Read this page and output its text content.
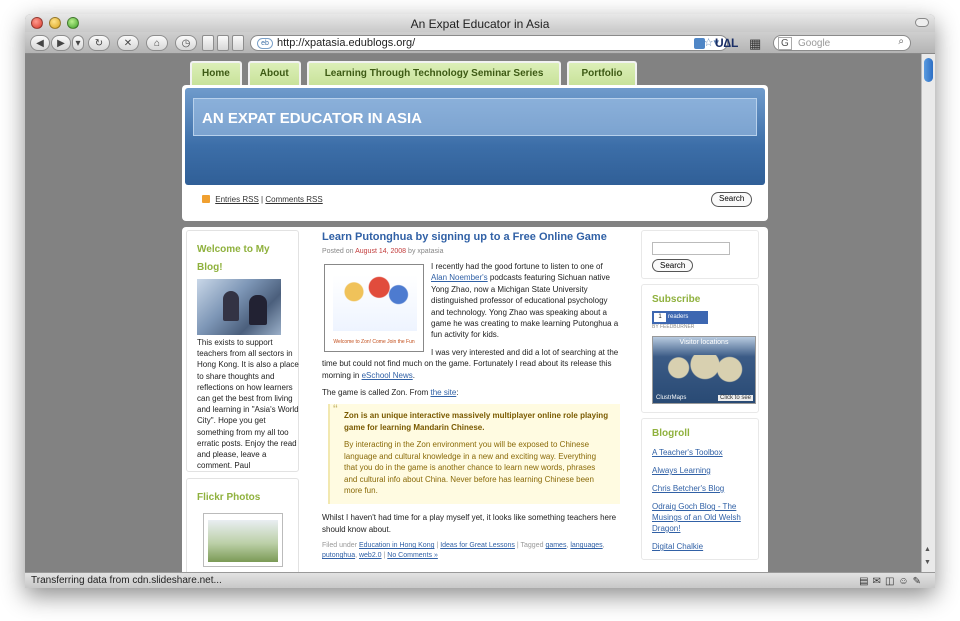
An Expat Educator in Asia
◀ ▶ ▾ ↻ ✕ ⌂ ◷	eb http://xpatasia.edublogs.org/	☆▾
U∆L ▦	G Google	⌕
Home	About	Learning Through Technology Seminar Series	Portfolio
AN EXPAT EDUCATOR IN ASIA
Entries RSS | Comments RSS	Search
Welcome to My Blog!

This exists to support teachers from all sectors in Hong Kong. It is also a place to share thoughts and reflections on how learners can get the best from living and learning in "Asia's World City". Hope you get something from my all too erratic posts. Enjoy the read and please, leave a comment. Paul

Flickr Photos
Learn Putonghua by signing up to a Free Online Game
Posted on August 14, 2008 by xpatasia
Welcome to Zon! Come Join the Fun

I recently had the good fortune to listen to one of Alan Noember's podcasts featuring Sichuan native Yong Zhao, now a Michigan State University distinguished professor of educational psychology and technology. Yong Zhao was speaking about a game he was creating to make learning Putonghua a fun activity for kids.

I was very interested and did a lot of searching at the time but could not find much on the game. Fortunately I read about its release this morning in eSchool News.

The game is called Zon. From the site:

“ Zon is an unique interactive massively multiplayer online role playing game for learning Mandarin Chinese.

By interacting in the Zon environment you will be exposed to Chinese language and cultural knowledge in a new and exciting way. Everything that you do in the game is another chance to learn new words, phrases and cultural info about China. Never before has learning Chinese been more fun.

Whilst I haven't had time for a play myself yet, it looks like something teachers here should know about.

Filed under Education in Hong Kong | Ideas for Great Lessons | Tagged games, languages, putonghua, web2.0 | No Comments »
Search
Subscribe
1	readers
BY FEEDBURNER
Visitor locations
ClustrMaps	Click to see
Blogroll
A Teacher's Toolbox
Always Learning
Chris Betcher's Blog
Odraig Goch Blog - The Musings of an Old Welsh Dragon!
Digital Chalkie	▲
▼
Transferring data from cdn.slideshare.net...	▤ ✉ ◫ ☺ ✎
